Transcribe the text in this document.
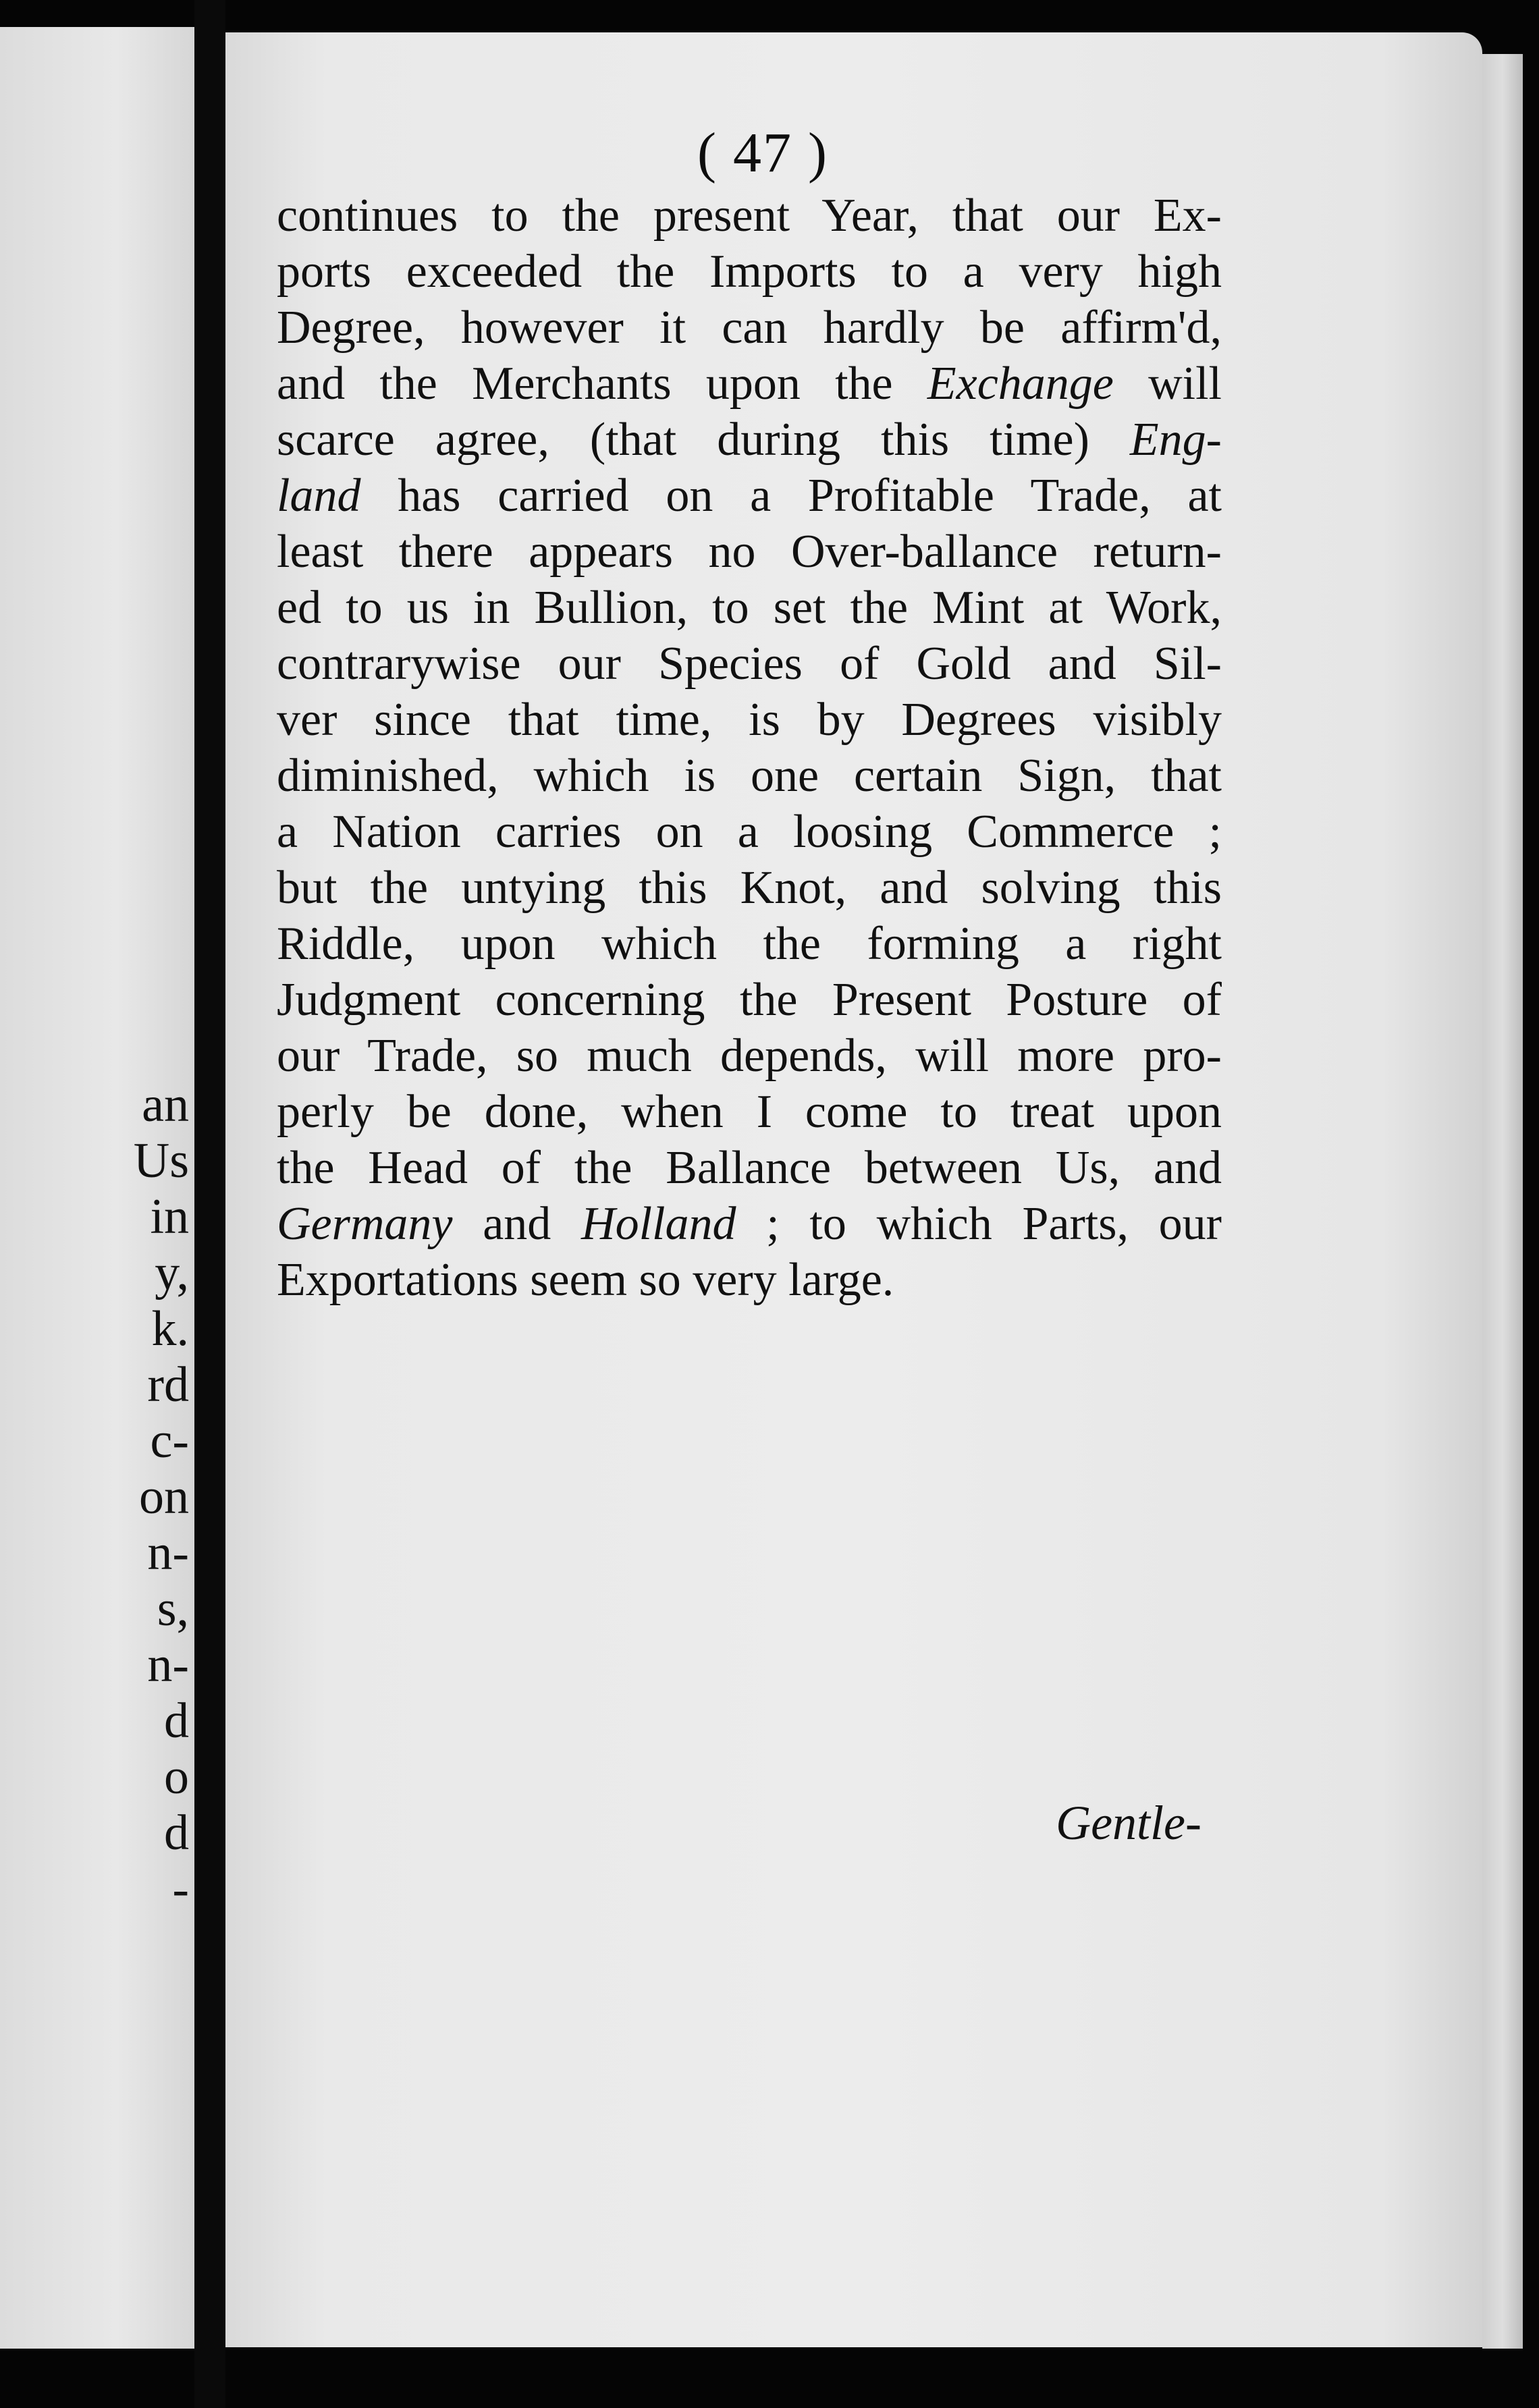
an
Us
in
y,
k.
rd
c-
on
n-
s,
n-
d
o
d
-
( 47 )
continues to the present Year, that our Ex-
ports exceeded the Imports to a very high
Degree, however it can hardly be affirm'd,
and the Merchants upon the Exchange will
scarce agree, (that during this time) Eng-
land has carried on a Profitable Trade, at
least there appears no Over-ballance return-
ed to us in Bullion, to set the Mint at Work,
contrarywise our Species of Gold and Sil-
ver since that time, is by Degrees visibly
diminished, which is one certain Sign, that
a Nation carries on a loosing Commerce ;
but the untying this Knot, and solving this
Riddle, upon which the forming a right
Judgment concerning the Present Posture of
our Trade, so much depends, will more pro-
perly be done, when I come to treat upon
the Head of the Ballance between Us, and
Germany and Holland ; to which Parts, our
Exportations seem so very large.
Gentle-
